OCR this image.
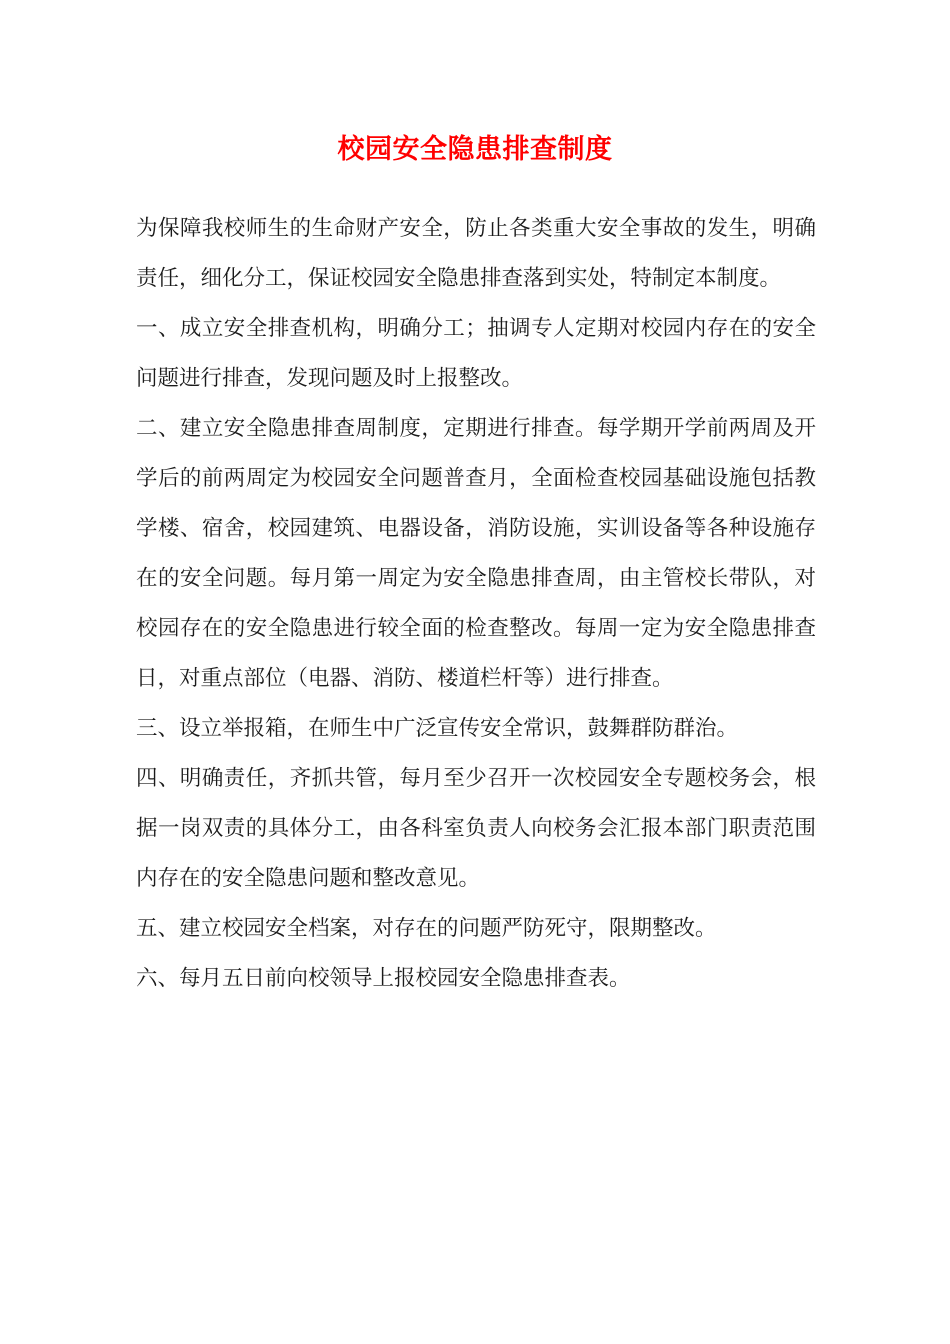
校园安全隐患排查制度

为保障我校师生的生命财产安全，防止各类重大安全事故的发生，明确责任，细化分工，保证校园安全隐患排查落到实处，特制定本制度。

一、成立安全排查机构，明确分工；抽调专人定期对校园内存在的安全问题进行排查，发现问题及时上报整改。

二、建立安全隐患排查周制度，定期进行排查。每学期开学前两周及开学后的前两周定为校园安全问题普查月，全面检查校园基础设施包括教学楼、宿舍，校园建筑、电器设备，消防设施，实训设备等各种设施存在的安全问题。每月第一周定为安全隐患排查周，由主管校长带队，对校园存在的安全隐患进行较全面的检查整改。每周一定为安全隐患排查日，对重点部位（电器、消防、楼道栏杆等）进行排查。

三、设立举报箱，在师生中广泛宣传安全常识，鼓舞群防群治。

四、明确责任，齐抓共管，每月至少召开一次校园安全专题校务会，根据一岗双责的具体分工，由各科室负责人向校务会汇报本部门职责范围内存在的安全隐患问题和整改意见。

五、建立校园安全档案，对存在的问题严防死守，限期整改。

六、每月五日前向校领导上报校园安全隐患排查表。
